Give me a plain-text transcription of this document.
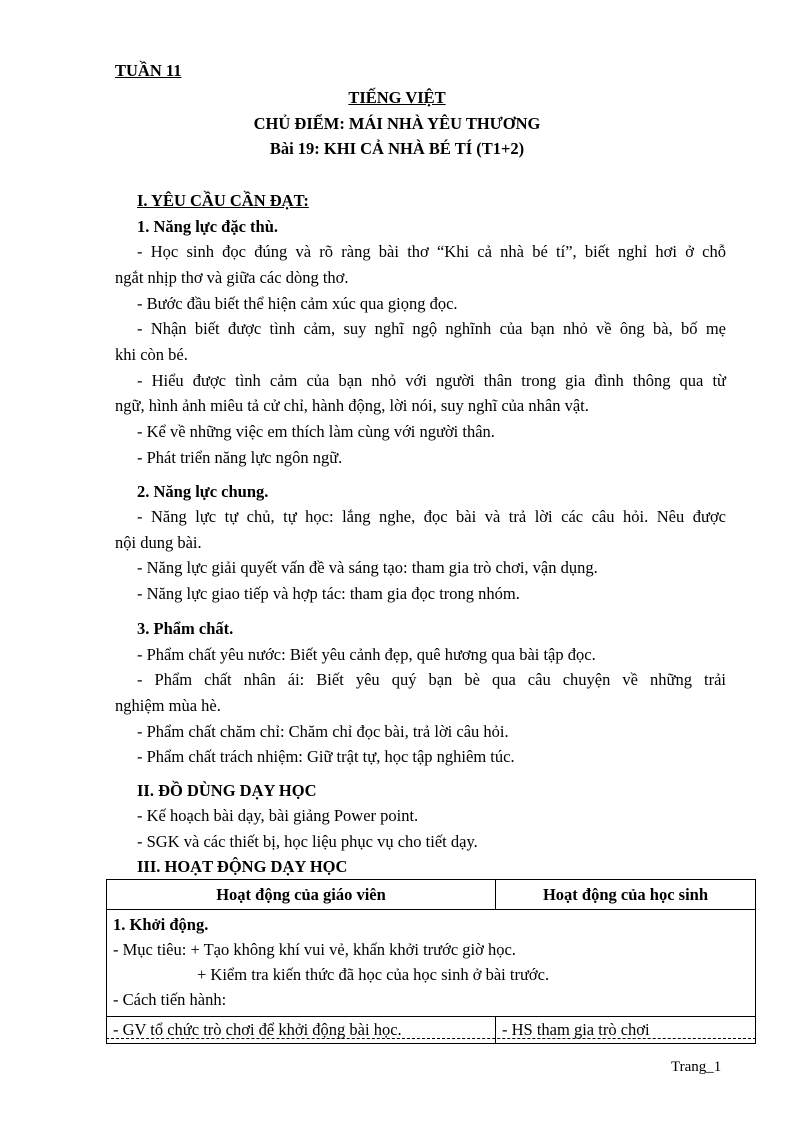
TUẦN 11
TIẾNG VIỆT
CHỦ ĐIỂM: MÁI NHÀ YÊU THƯƠNG
Bài 19: KHI CẢ NHÀ BÉ TÍ (T1+2)
I. YÊU CẦU CẦN ĐẠT:
1. Năng lực đặc thù.
- Học sinh đọc đúng và rõ ràng bài thơ “Khi cả nhà bé tí”, biết nghỉ hơi ở chỗ
ngắt nhịp thơ và giữa các dòng thơ.
- Bước đầu biết thể hiện cảm xúc qua giọng đọc.
- Nhận biết được tình cảm, suy nghĩ ngộ nghĩnh của bạn nhỏ về ông bà, bố mẹ
khi còn bé.
- Hiểu được tình cảm của bạn nhỏ với người thân trong gia đình thông qua từ
ngữ, hình ảnh miêu tả cử chỉ, hành động, lời nói, suy nghĩ của nhân vật.
- Kể về những việc em thích làm cùng với người thân.
- Phát triển năng lực ngôn ngữ.
2. Năng lực chung.
- Năng lực tự chủ, tự học: lắng nghe, đọc bài và trả lời các câu hỏi. Nêu được
nội dung bài.
- Năng lực giải quyết vấn đề và sáng tạo: tham gia trò chơi, vận dụng.
- Năng lực giao tiếp và hợp tác: tham gia đọc trong nhóm.
3. Phẩm chất.
- Phẩm chất yêu nước: Biết yêu cảnh đẹp, quê hương qua bài tập đọc.
- Phẩm chất nhân ái: Biết yêu quý bạn bè qua câu chuyện về những trải
nghiệm mùa hè.
- Phẩm chất chăm chỉ: Chăm chỉ đọc bài, trả lời câu hỏi.
- Phẩm chất trách nhiệm: Giữ trật tự, học tập nghiêm túc.
II. ĐỒ DÙNG DẠY HỌC
- Kế hoạch bài dạy, bài giảng Power point.
- SGK và các thiết bị, học liệu phục vụ cho tiết dạy.
III. HOẠT ĐỘNG DẠY HỌC
Hoạt động của giáo viên	Hoạt động của học sinh

1. Khởi động.
- Mục tiêu: + Tạo không khí vui vẻ, khấn khởi trước giờ học.
+ Kiểm tra kiến thức đã học của học sinh ở bài trước.
- Cách tiến hành:	

- GV tổ chức trò chơi để khởi động bài học.	- HS tham gia trò chơi
Trang_1
